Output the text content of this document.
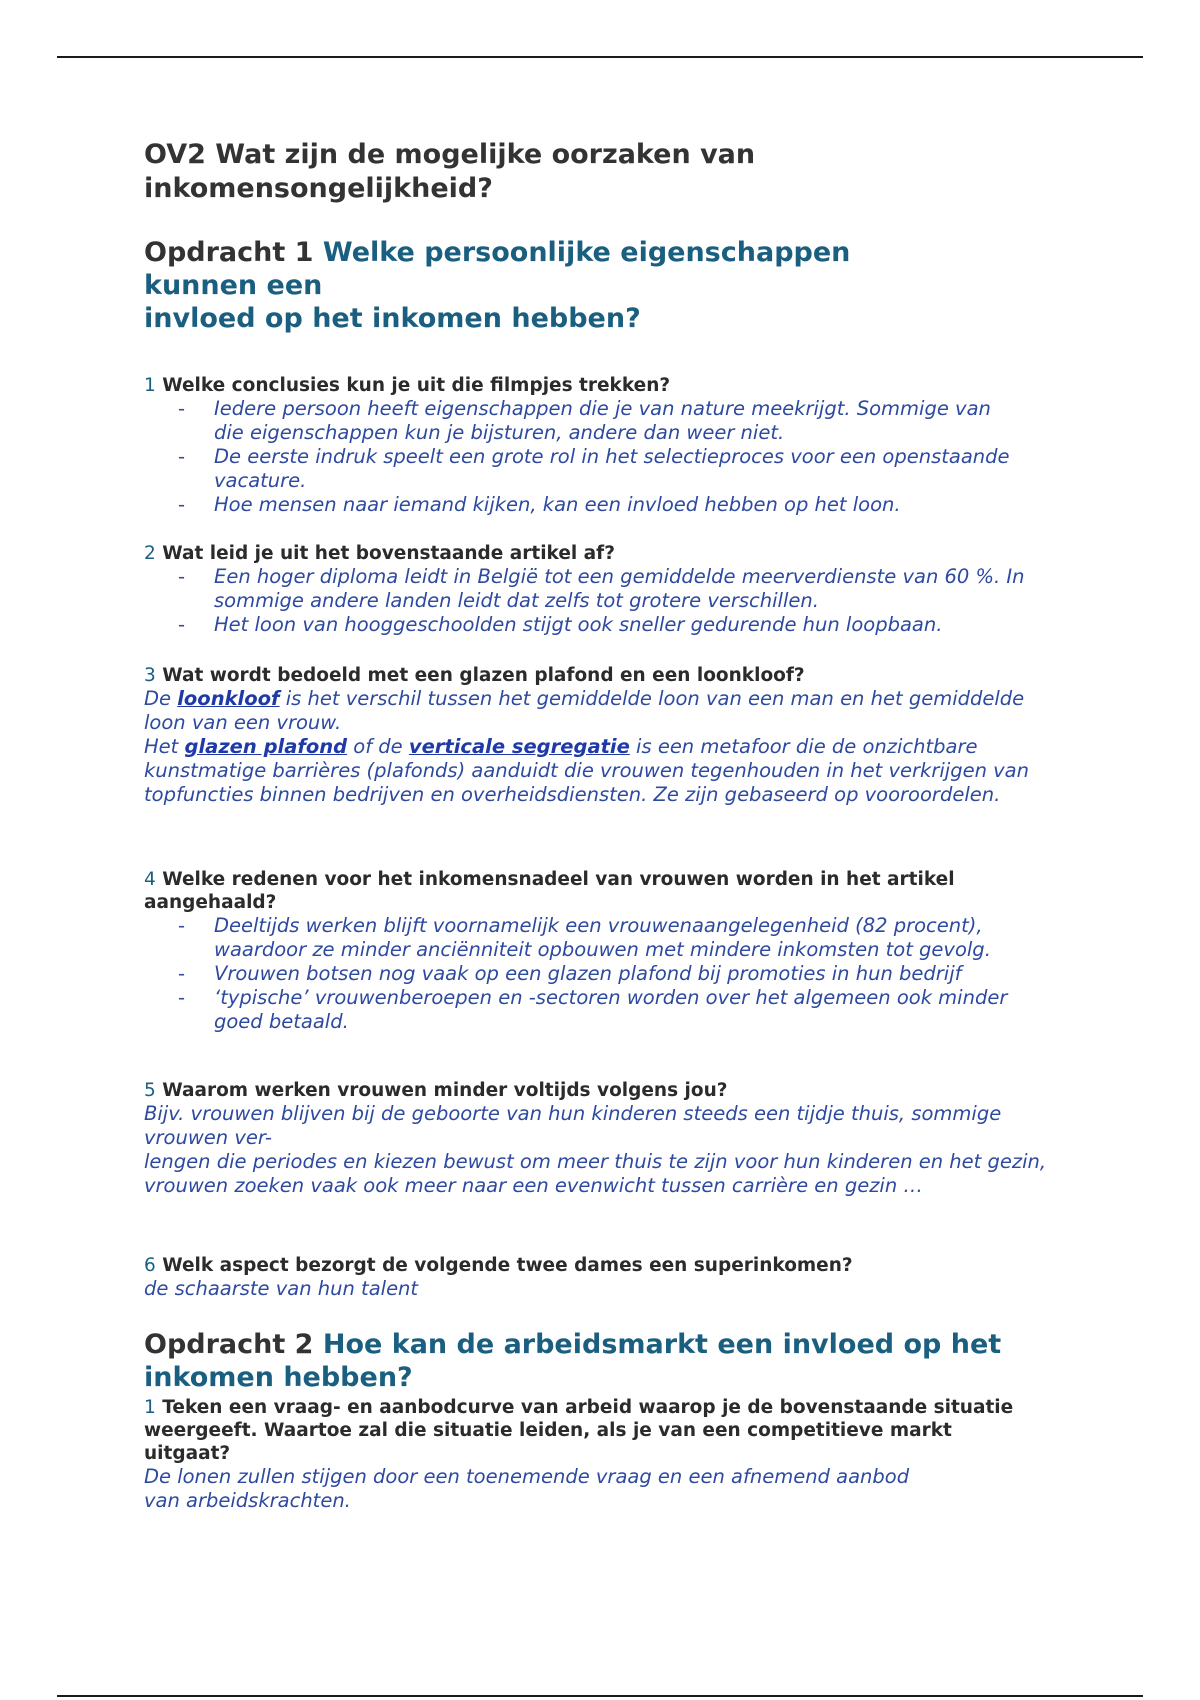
OV2 Wat zijn de mogelijke oorzaken van inkomensongelijkheid?
Opdracht 1 Welke persoonlijke eigenschappen kunnen een
invloed op het inkomen hebben?
1 Welke conclusies kun je uit die filmpjes trekken?
- Iedere persoon heeft eigenschappen die je van nature meekrijgt. Sommige van die eigenschappen kun je bijsturen, andere dan weer niet.
- De eerste indruk speelt een grote rol in het selectieproces voor een openstaande vacature.
- Hoe mensen naar iemand kijken, kan een invloed hebben op het loon.
2 Wat leid je uit het bovenstaande artikel af?
- Een hoger diploma leidt in België tot een gemiddelde meerverdienste van 60 %. In sommige andere landen leidt dat zelfs tot grotere verschillen.
- Het loon van hooggeschoolden stijgt ook sneller gedurende hun loopbaan.
3 Wat wordt bedoeld met een glazen plafond en een loonkloof?
De loonkloof is het verschil tussen het gemiddelde loon van een man en het gemiddelde loon van een vrouw.
Het glazen plafond of de verticale segregatie is een metafoor die de onzichtbare kunstmatige barrières (plafonds) aanduidt die vrouwen tegenhouden in het verkrijgen van topfuncties binnen bedrijven en overheidsdiensten. Ze zijn gebaseerd op vooroordelen.
4 Welke redenen voor het inkomensnadeel van vrouwen worden in het artikel aangehaald?
- Deeltijds werken blijft voornamelijk een vrouwenaangelegenheid (82 procent), waardoor ze minder anciënniteit opbouwen met mindere inkomsten tot gevolg.
- Vrouwen botsen nog vaak op een glazen plafond bij promoties in hun bedrijf
- ‘typische’ vrouwenberoepen en -sectoren worden over het algemeen ook minder goed betaald.
5 Waarom werken vrouwen minder voltijds volgens jou?
Bijv. vrouwen blijven bij de geboorte van hun kinderen steeds een tijdje thuis, sommige vrouwen ver-
lengen die periodes en kiezen bewust om meer thuis te zijn voor hun kinderen en het gezin, vrouwen zoeken vaak ook meer naar een evenwicht tussen carrière en gezin …
6 Welk aspect bezorgt de volgende twee dames een superinkomen?
de schaarste van hun talent
Opdracht 2 Hoe kan de arbeidsmarkt een invloed op het inkomen hebben?
1 Teken een vraag- en aanbodcurve van arbeid waarop je de bovenstaande situatie
weergeeft. Waartoe zal die situatie leiden, als je van een competitieve markt uitgaat?
De lonen zullen stijgen door een toenemende vraag en een afnemend aanbod
van arbeidskrachten.
